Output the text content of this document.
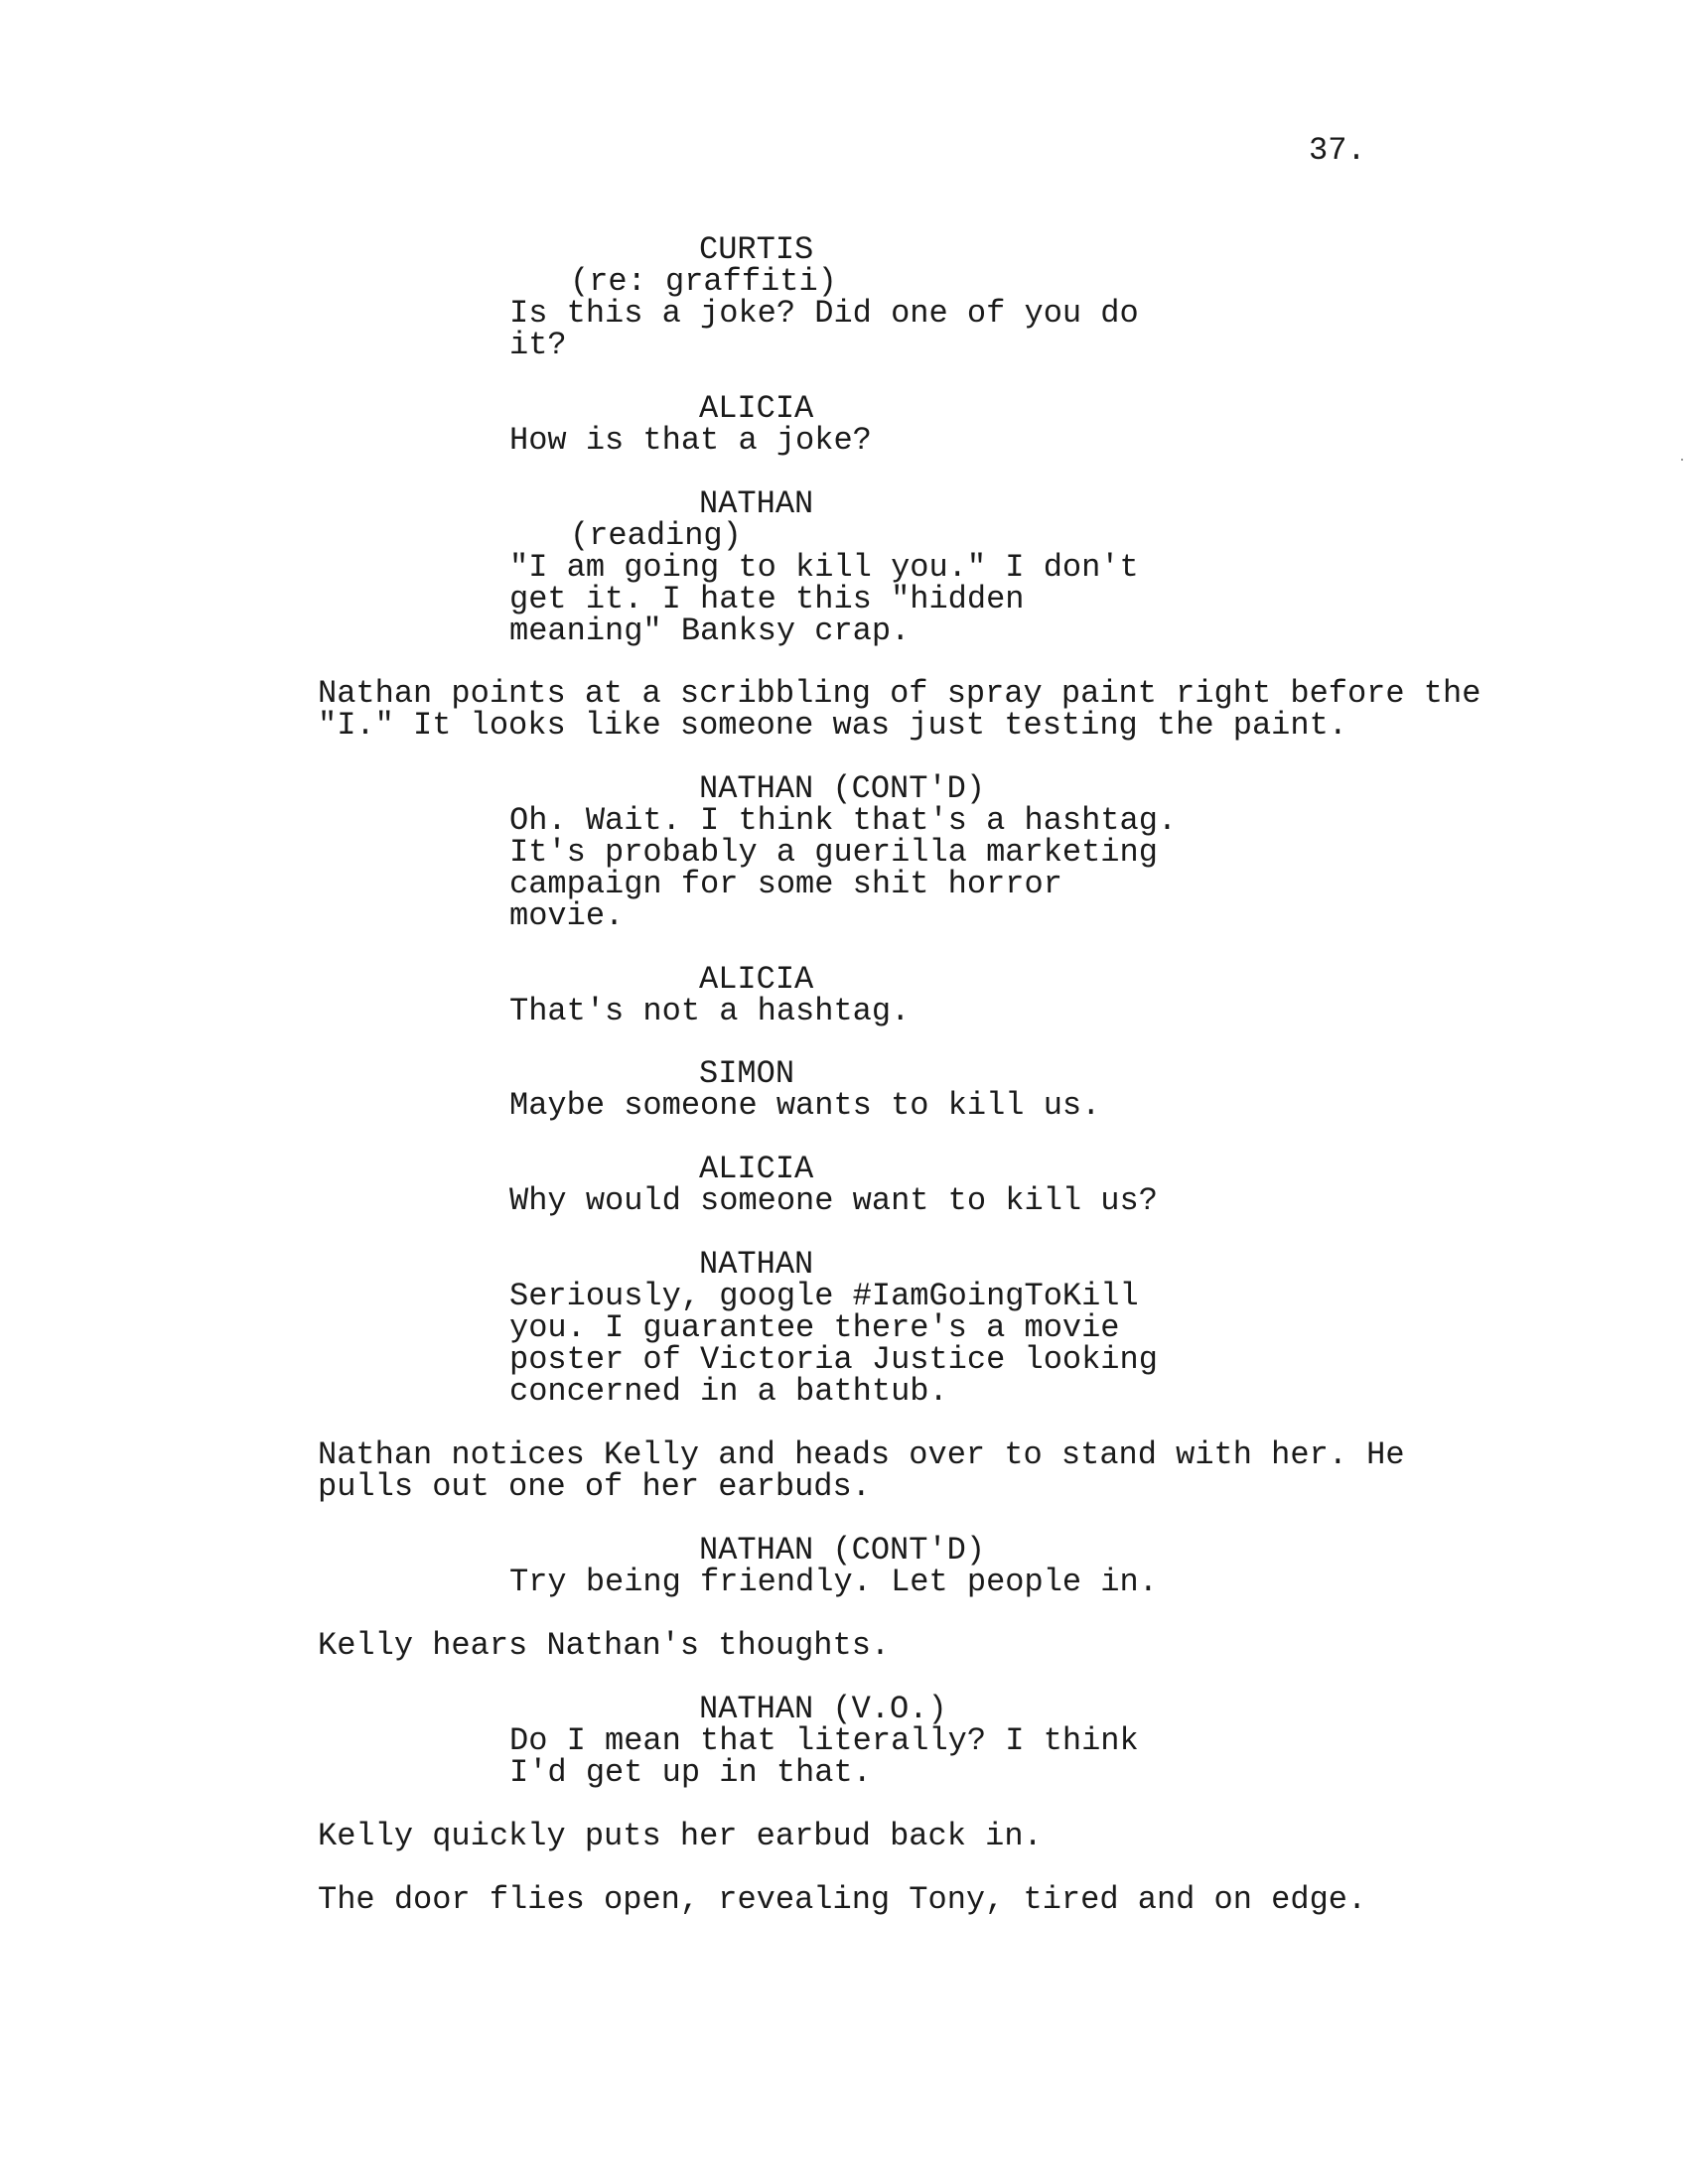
37.
CURTIS
(re: graffiti)
Is this a joke? Did one of you do
it?
ALICIA
How is that a joke?
NATHAN
(reading)
"I am going to kill you." I don't
get it. I hate this "hidden
meaning" Banksy crap.
Nathan points at a scribbling of spray paint right before the
"I." It looks like someone was just testing the paint.
NATHAN (CONT'D)
Oh. Wait. I think that's a hashtag.
It's probably a guerilla marketing
campaign for some shit horror
movie.
ALICIA
That's not a hashtag.
SIMON
Maybe someone wants to kill us.
ALICIA
Why would someone want to kill us?
NATHAN
Seriously, google #IamGoingToKill
you. I guarantee there's a movie
poster of Victoria Justice looking
concerned in a bathtub.
Nathan notices Kelly and heads over to stand with her. He
pulls out one of her earbuds.
NATHAN (CONT'D)
Try being friendly. Let people in.
Kelly hears Nathan's thoughts.
NATHAN (V.O.)
Do I mean that literally? I think
I'd get up in that.
Kelly quickly puts her earbud back in.
The door flies open, revealing Tony, tired and on edge.
